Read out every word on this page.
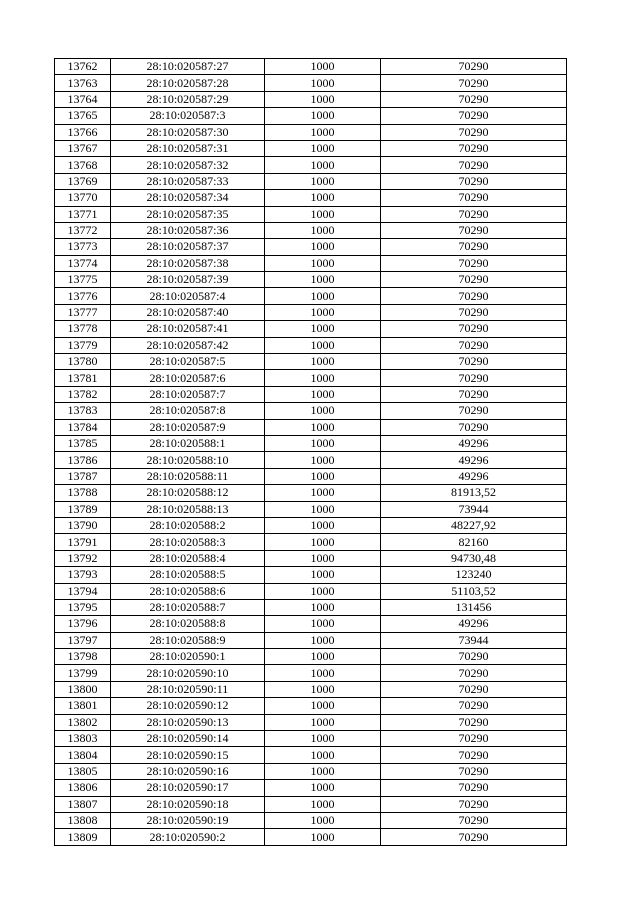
13762	28:10:020587:27	1000	70290
13763	28:10:020587:28	1000	70290
13764	28:10:020587:29	1000	70290
13765	28:10:020587:3	1000	70290
13766	28:10:020587:30	1000	70290
13767	28:10:020587:31	1000	70290
13768	28:10:020587:32	1000	70290
13769	28:10:020587:33	1000	70290
13770	28:10:020587:34	1000	70290
13771	28:10:020587:35	1000	70290
13772	28:10:020587:36	1000	70290
13773	28:10:020587:37	1000	70290
13774	28:10:020587:38	1000	70290
13775	28:10:020587:39	1000	70290
13776	28:10:020587:4	1000	70290
13777	28:10:020587:40	1000	70290
13778	28:10:020587:41	1000	70290
13779	28:10:020587:42	1000	70290
13780	28:10:020587:5	1000	70290
13781	28:10:020587:6	1000	70290
13782	28:10:020587:7	1000	70290
13783	28:10:020587:8	1000	70290
13784	28:10:020587:9	1000	70290
13785	28:10:020588:1	1000	49296
13786	28:10:020588:10	1000	49296
13787	28:10:020588:11	1000	49296
13788	28:10:020588:12	1000	81913,52
13789	28:10:020588:13	1000	73944
13790	28:10:020588:2	1000	48227,92
13791	28:10:020588:3	1000	82160
13792	28:10:020588:4	1000	94730,48
13793	28:10:020588:5	1000	123240
13794	28:10:020588:6	1000	51103,52
13795	28:10:020588:7	1000	131456
13796	28:10:020588:8	1000	49296
13797	28:10:020588:9	1000	73944
13798	28:10:020590:1	1000	70290
13799	28:10:020590:10	1000	70290
13800	28:10:020590:11	1000	70290
13801	28:10:020590:12	1000	70290
13802	28:10:020590:13	1000	70290
13803	28:10:020590:14	1000	70290
13804	28:10:020590:15	1000	70290
13805	28:10:020590:16	1000	70290
13806	28:10:020590:17	1000	70290
13807	28:10:020590:18	1000	70290
13808	28:10:020590:19	1000	70290
13809	28:10:020590:2	1000	70290
